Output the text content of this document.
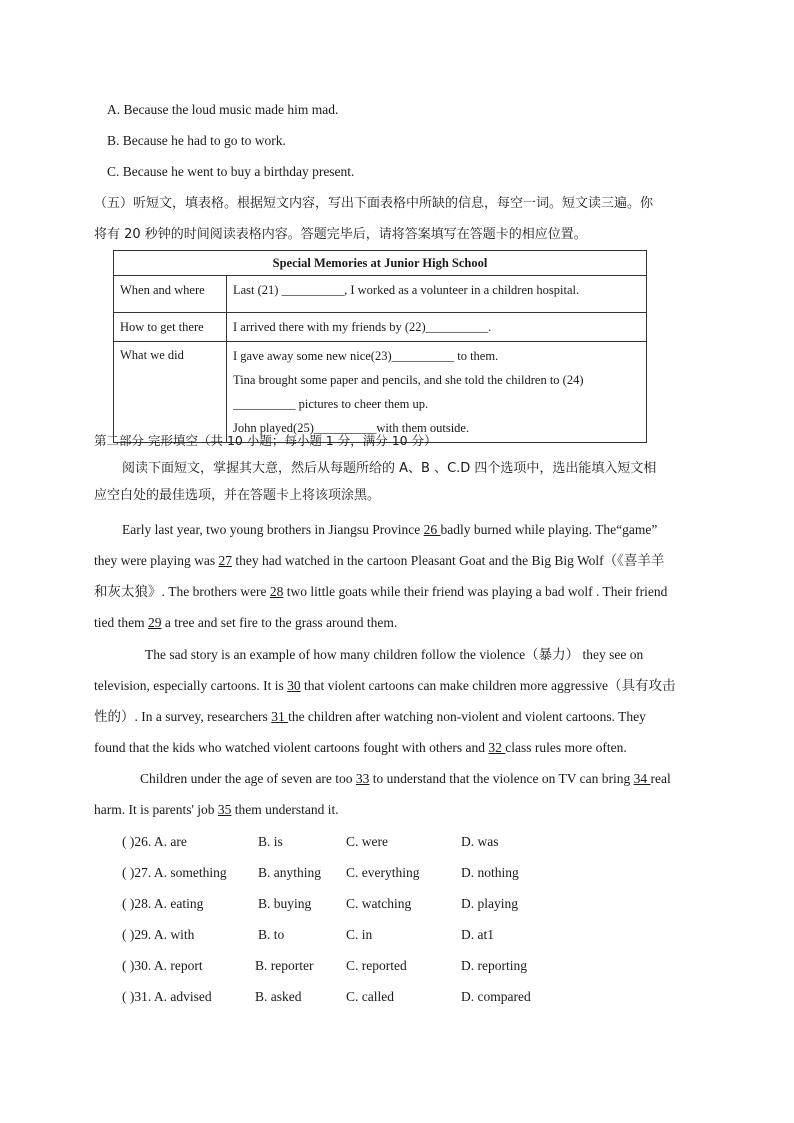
A. Because the loud music made him mad.
B. Because he had to go to work.
C. Because he went to buy a birthday present.
（五）听短文，填表格。根据短文内容，写出下面表格中所缺的信息，每空一词。短文读三遍。你
将有 20 秒钟的时间阅读表格内容。答题完毕后，请将答案填写在答题卡的相应位置。
Special Memories at Junior High School	
When and where	Last (21) __________, I worked as a volunteer in a children hospital.
How to get there	I arrived there with my friends by (22)__________.
What we did	I gave away some new nice(23)__________ to them.
Tina brought some paper and pencils, and she told the children to (24)
__________ pictures to cheer them up.
John played(25)__________with them outside.
第二部分 完形填空（共 10 小题；每小题 1 分，满分 10 分）
阅读下面短文，掌握其大意，然后从每题所给的 A、B 、C.D 四个选项中，选出能填入短文相
应空白处的最佳选项，并在答题卡上将该项涂黑。
Early last year, two young brothers in Jiangsu Province 26 badly burned while playing. The“game”
they were playing was 27 they had watched in the cartoon Pleasant Goat and the Big Big Wolf（《喜羊羊
和灰太狼》. The brothers were 28 two little goats while their friend was playing a bad wolf . Their friend
tied them 29 a tree and set fire to the grass around them.
The sad story is an example of how many children follow the violence（暴力） they see on
television, especially cartoons. It is 30 that violent cartoons can make children more aggressive（具有攻击
性的）. In a survey, researchers 31 the children after watching non-violent and violent cartoons. They
found that the kids who watched violent cartoons fought with others and 32 class rules more often.
Children under the age of seven are too 33 to understand that the violence on TV can bring 34 real
harm. It is parents' job 35 them understand it.
( )26. A. are	B. is	C. were	D. was
( )27. A. something B. anything C. everything	D. nothing
( )28. A. eating	B. buying	C. watching	D. playing
( )29. A. with	B. to	C. in	D. at1
( )30. A. report	B. reporter C. reported	D. reporting
( )31. A. advised	B. asked	C. called	D. compared
